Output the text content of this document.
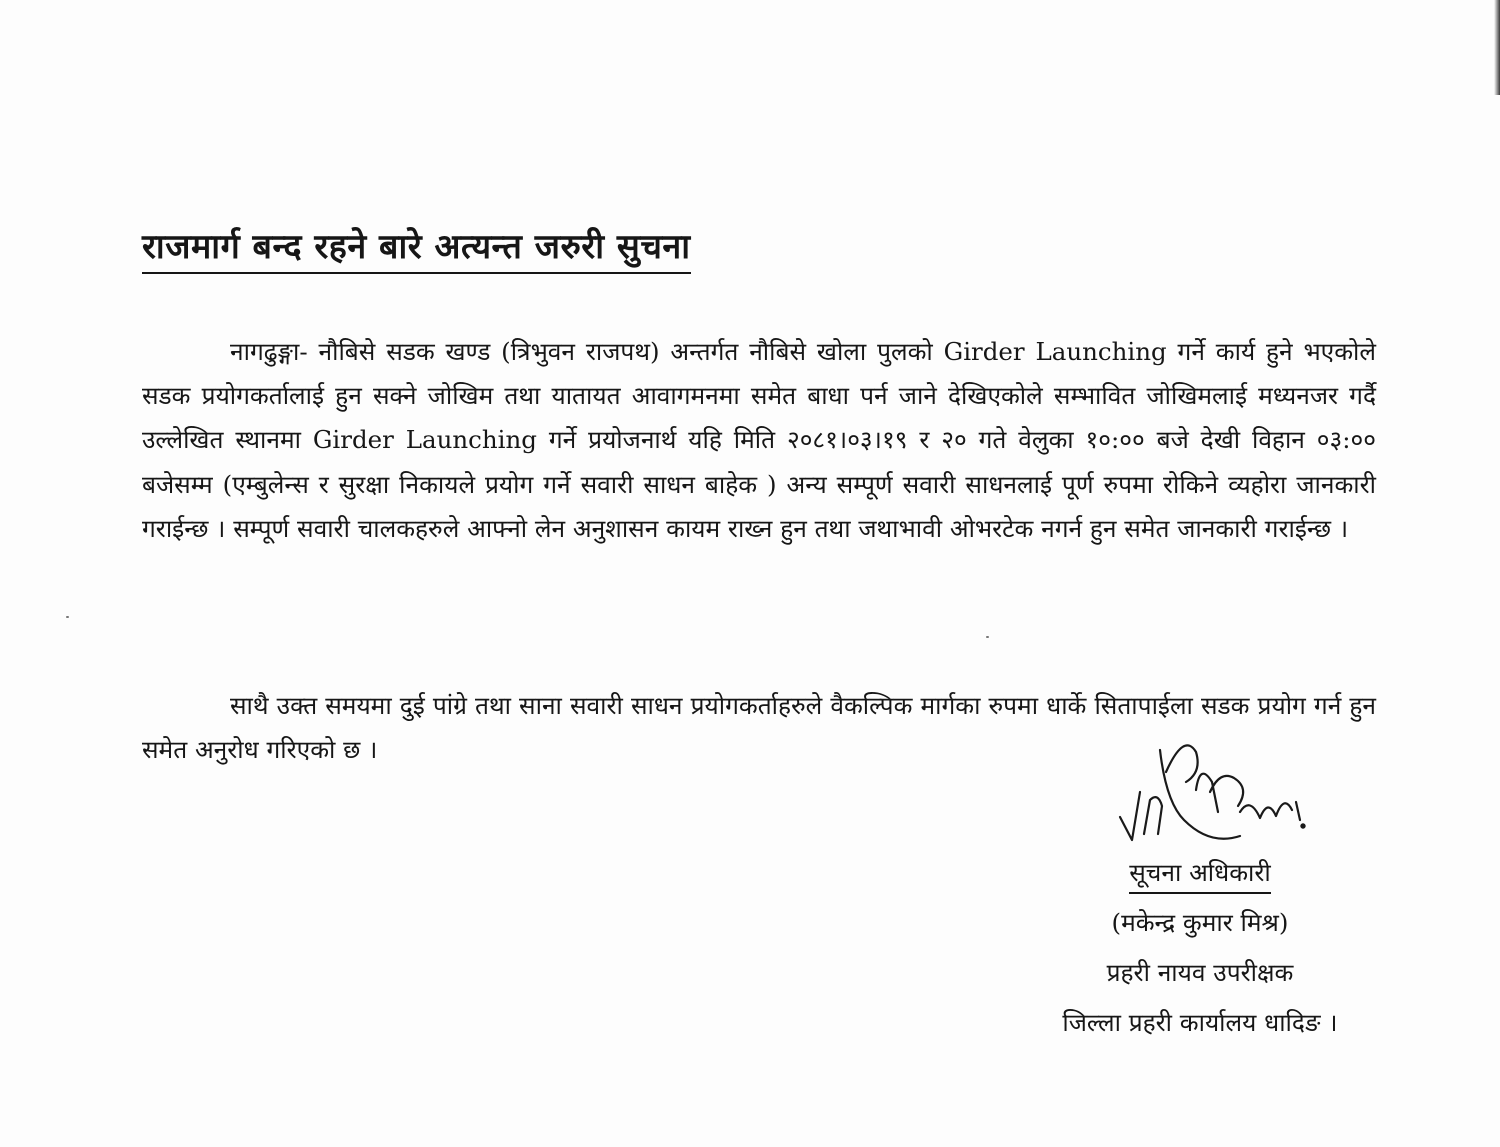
राजमार्ग बन्द रहने बारे अत्यन्त जरुरी सुचना
नागढुङ्गा- नौबिसे सडक खण्ड (त्रिभुवन राजपथ) अन्तर्गत नौबिसे खोला पुलको Girder Launching गर्ने कार्य हुने भएकोले सडक प्रयोगकर्तालाई हुन सक्ने जोखिम तथा यातायत आवागमनमा समेत बाधा पर्न जाने देखिएकोले सम्भावित जोखिमलाई मध्यनजर गर्दै उल्लेखित स्थानमा Girder Launching गर्ने प्रयोजनार्थ यहि मिति २०८१।०३।१९ र २० गते वेलुका १०:०० बजे देखी विहान ०३:०० बजेसम्म (एम्बुलेन्स र सुरक्षा निकायले प्रयोग गर्ने सवारी साधन बाहेक ) अन्य सम्पूर्ण सवारी साधनलाई पूर्ण रुपमा रोकिने व्यहोरा जानकारी गराईन्छ । सम्पूर्ण सवारी चालकहरुले आफ्नो लेन अनुशासन कायम राख्न हुन तथा जथाभावी ओभरटेक नगर्न हुन समेत जानकारी गराईन्छ ।
साथै उक्त समयमा दुई पांग्रे तथा साना सवारी साधन प्रयोगकर्ताहरुले वैकल्पिक मार्गका रुपमा धार्के सितापाईला सडक प्रयोग गर्न हुन समेत अनुरोध गरिएको छ ।
सूचना अधिकारी
(मकेन्द्र कुमार मिश्र)
प्रहरी नायव उपरीक्षक
जिल्ला प्रहरी कार्यालय धादिङ ।
